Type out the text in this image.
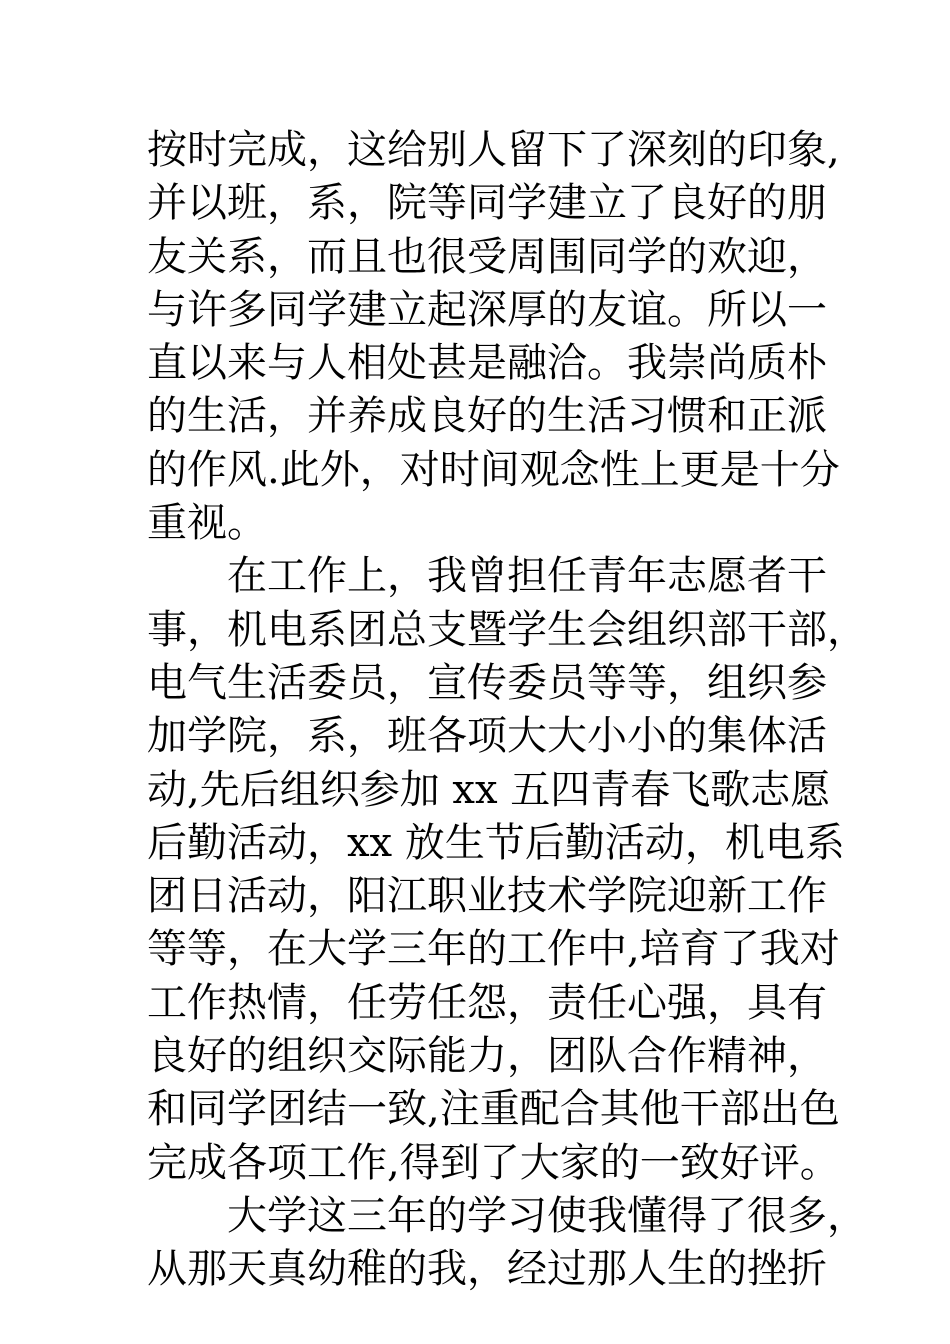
按时完成，这给别人留下了深刻的印象,
并以班，系，院等同学建立了良好的朋
友关系，而且也很受周围同学的欢迎，
与许多同学建立起深厚的友谊。所以一
直以来与人相处甚是融洽。我崇尚质朴
的生活，并养成良好的生活习惯和正派
的作风.此外，对时间观念性上更是十分
重视。
在工作上，我曾担任青年志愿者干
事，机电系团总支暨学生会组织部干部，
电气生活委员，宣传委员等等，组织参
加学院，系，班各项大大小小的集体活
动,先后组织参加 xx 五四青春飞歌志愿
后勤活动，xx 放生节后勤活动，机电系
团日活动，阳江职业技术学院迎新工作
等等，在大学三年的工作中,培育了我对
工作热情，任劳任怨，责任心强，具有
良好的组织交际能力，团队合作精神，
和同学团结一致,注重配合其他干部出色
完成各项工作,得到了大家的一致好评。
大学这三年的学习使我懂得了很多，
从那天真幼稚的我，经过那人生的挫折
